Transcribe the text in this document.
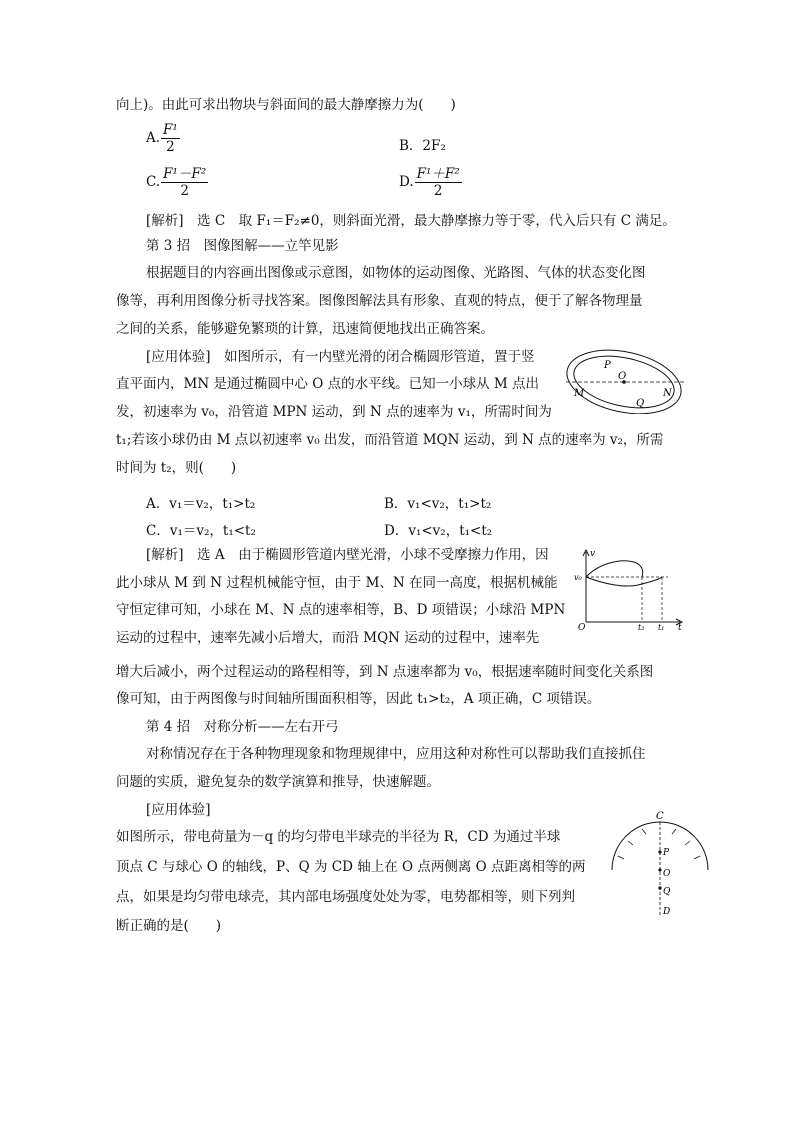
向上)。由此可求出物块与斜面间的最大静摩擦力为(　　)
A. $\frac{\text{F¹}}{2}$	B．2F₂
C. $\frac{\text{F¹－F²}}{2}$	D. $\frac{\text{F¹＋F²}}{2}$
[解析]　选 C　取 F₁＝F₂≠0，则斜面光滑，最大静摩擦力等于零，代入后只有 C 满足。
第 3 招　图像图解——立竿见影
根据题目的内容画出图像或示意图，如物体的运动图像、光路图、气体的状态变化图
像等，再利用图像分析寻找答案。图像图解法具有形象、直观的特点，便于了解各物理量
之间的关系，能够避免繁琐的计算，迅速简便地找出正确答案。
[应用体验]　如图所示，有一内壁光滑的闭合椭圆形管道，置于竖
直平面内，MN 是通过椭圆中心 O 点的水平线。已知一小球从 M 点出
发，初速率为 v₀，沿管道 MPN 运动，到 N 点的速率为 v₁，所需时间为
t₁;若该小球仍由 M 点以初速率 v₀ 出发，而沿管道 MQN 运动，到 N 点的速率为 v₂，所需
时间为 t₂，则(　　)
M	N
O
P
Q
A．v₁＝v₂，t₁>t₂	B．v₁<v₂，t₁>t₂
C．v₁＝v₂，t₁<t₂	D．v₁<v₂，t₁<t₂
[解析]　选 A　由于椭圆形管道内壁光滑，小球不受摩擦力作用，因
此小球从 M 到 N 过程机械能守恒，由于 M、N 在同一高度，根据机械能
守恒定律可知，小球在 M、N 点的速率相等，B、D 项错误；小球沿 MPN
运动的过程中，速率先减小后增大，而沿 MQN 运动的过程中，速率先
增大后减小，两个过程运动的路程相等，到 N 点速率都为 v₀，根据速率随时间变化关系图
像可知，由于两图像与时间轴所围面积相等，因此 t₁>t₂，A 项正确，C 项错误。
v
v₀
O	t₂ t₁ t
第 4 招　对称分析——左右开弓
对称情况存在于各种物理现象和物理规律中，应用这种对称性可以帮助我们直接抓住
问题的实质，避免复杂的数学演算和推导，快速解题。
[应用体验]
如图所示，带电荷量为－q 的均匀带电半球壳的半径为 R，CD 为通过半球
顶点 C 与球心 O 的轴线，P、Q 为 CD 轴上在 O 点两侧离 O 点距离相等的两
点，如果是均匀带电球壳，其内部电场强度处处为零，电势都相等，则下列判
断正确的是(　　)
C
P
O
Q
D
